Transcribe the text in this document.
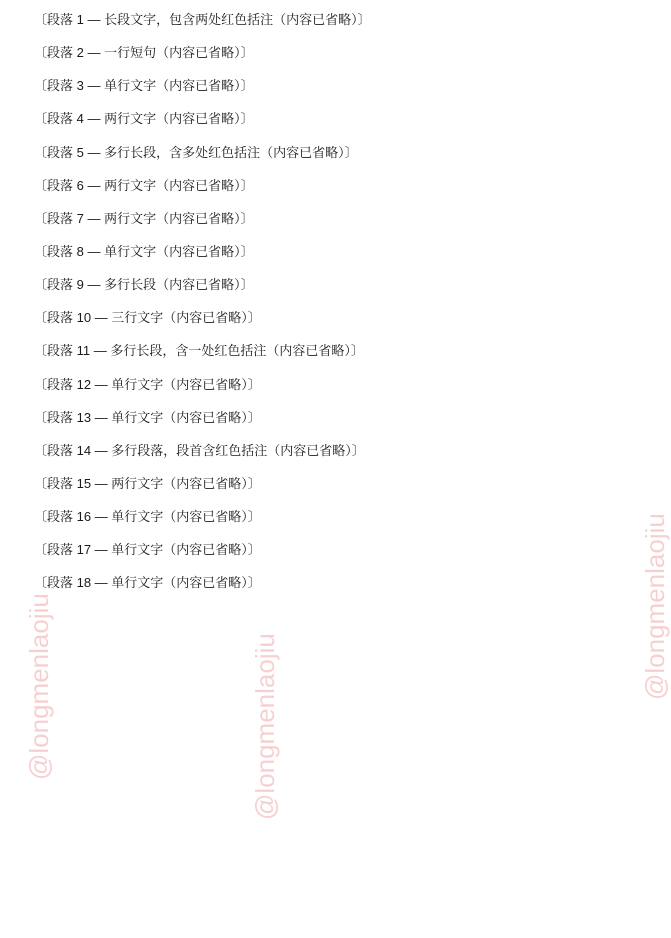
@longmenlaojiu	@longmenlaojiu
@longmenlaojiu

〔段落 1 — 长段文字，包含两处红色括注（内容已省略）〕

〔段落 2 — 一行短句（内容已省略）〕

〔段落 3 — 单行文字（内容已省略）〕

〔段落 4 — 两行文字（内容已省略）〕

〔段落 5 — 多行长段，含多处红色括注（内容已省略）〕

〔段落 6 — 两行文字（内容已省略）〕

〔段落 7 — 两行文字（内容已省略）〕

〔段落 8 — 单行文字（内容已省略）〕

〔段落 9 — 多行长段（内容已省略）〕

〔段落 10 — 三行文字（内容已省略）〕

〔段落 11 — 多行长段，含一处红色括注（内容已省略）〕

〔段落 12 — 单行文字（内容已省略）〕

〔段落 13 — 单行文字（内容已省略）〕

〔段落 14 — 多行段落，段首含红色括注（内容已省略）〕

〔段落 15 — 两行文字（内容已省略）〕

〔段落 16 — 单行文字（内容已省略）〕

〔段落 17 — 单行文字（内容已省略）〕

〔段落 18 — 单行文字（内容已省略）〕
